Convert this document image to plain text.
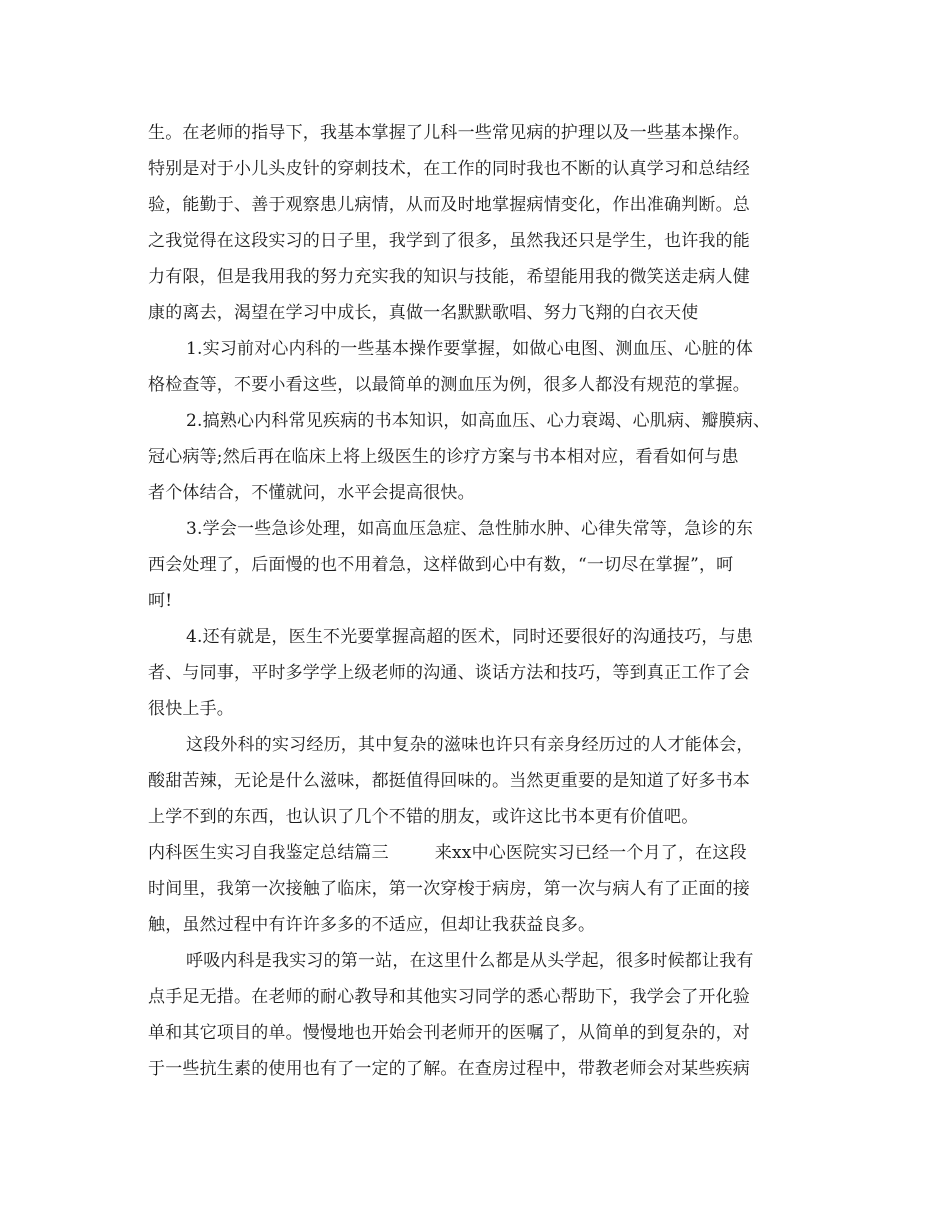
生。在老师的指导下，我基本掌握了儿科一些常见病的护理以及一些基本操作。
特别是对于小儿头皮针的穿刺技术，在工作的同时我也不断的认真学习和总结经
验，能勤于、善于观察患儿病情，从而及时地掌握病情变化，作出准确判断。总
之我觉得在这段实习的日子里，我学到了很多，虽然我还只是学生，也许我的能
力有限，但是我用我的努力充实我的知识与技能，希望能用我的微笑送走病人健
康的离去，渴望在学习中成长，真做一名默默歌唱、努力飞翔的白衣天使
1.实习前对心内科的一些基本操作要掌握，如做心电图、测血压、心脏的体
格检查等，不要小看这些，以最简单的测血压为例，很多人都没有规范的掌握。
2.搞熟心内科常见疾病的书本知识，如高血压、心力衰竭、心肌病、瓣膜病、
冠心病等;然后再在临床上将上级医生的诊疗方案与书本相对应，看看如何与患
者个体结合，不懂就问，水平会提高很快。
3.学会一些急诊处理，如高血压急症、急性肺水肿、心律失常等，急诊的东
西会处理了，后面慢的也不用着急，这样做到心中有数，“一切尽在掌握”，呵
呵!
4.还有就是，医生不光要掌握高超的医术，同时还要很好的沟通技巧，与患
者、与同事，平时多学学上级老师的沟通、谈话方法和技巧，等到真正工作了会
很快上手。
这段外科的实习经历，其中复杂的滋味也许只有亲身经历过的人才能体会，
酸甜苦辣，无论是什么滋味，都挺值得回味的。当然更重要的是知道了好多书本
上学不到的东西，也认识了几个不错的朋友，或许这比书本更有价值吧。
内科医生实习自我鉴定总结篇三	来xx中心医院实习已经一个月了，在这段
时间里，我第一次接触了临床，第一次穿梭于病房，第一次与病人有了正面的接
触，虽然过程中有许许多多的不适应，但却让我获益良多。
呼吸内科是我实习的第一站，在这里什么都是从头学起，很多时候都让我有
点手足无措。在老师的耐心教导和其他实习同学的悉心帮助下，我学会了开化验
单和其它项目的单。慢慢地也开始会刊老师开的医嘱了，从简单的到复杂的，对
于一些抗生素的使用也有了一定的了解。在查房过程中，带教老师会对某些疾病
